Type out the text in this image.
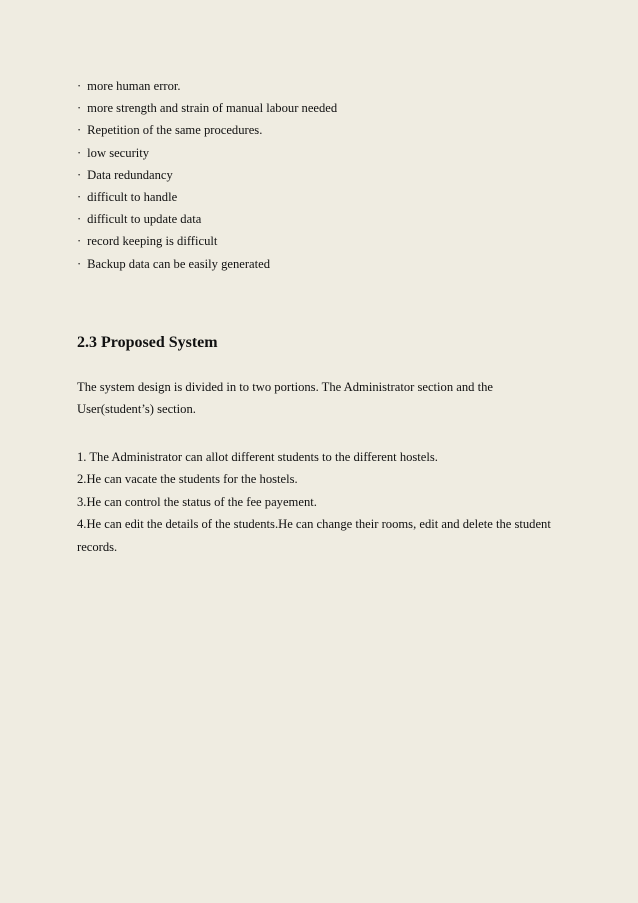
· more human error.
· more strength and strain of manual labour needed
· Repetition of the same procedures.
· low security
· Data redundancy
· difficult to handle
· difficult to update data
· record keeping is difficult
· Backup data can be easily generated
2.3 Proposed System

The system design is divided in to two portions. The Administrator section and the
User(student’s) section.

1. The Administrator can allot different students to the different hostels.
2.He can vacate the students for the hostels.
3.He can control the status of the fee payement.
4.He can edit the details of the students.He can change their rooms, edit and delete the student records.
